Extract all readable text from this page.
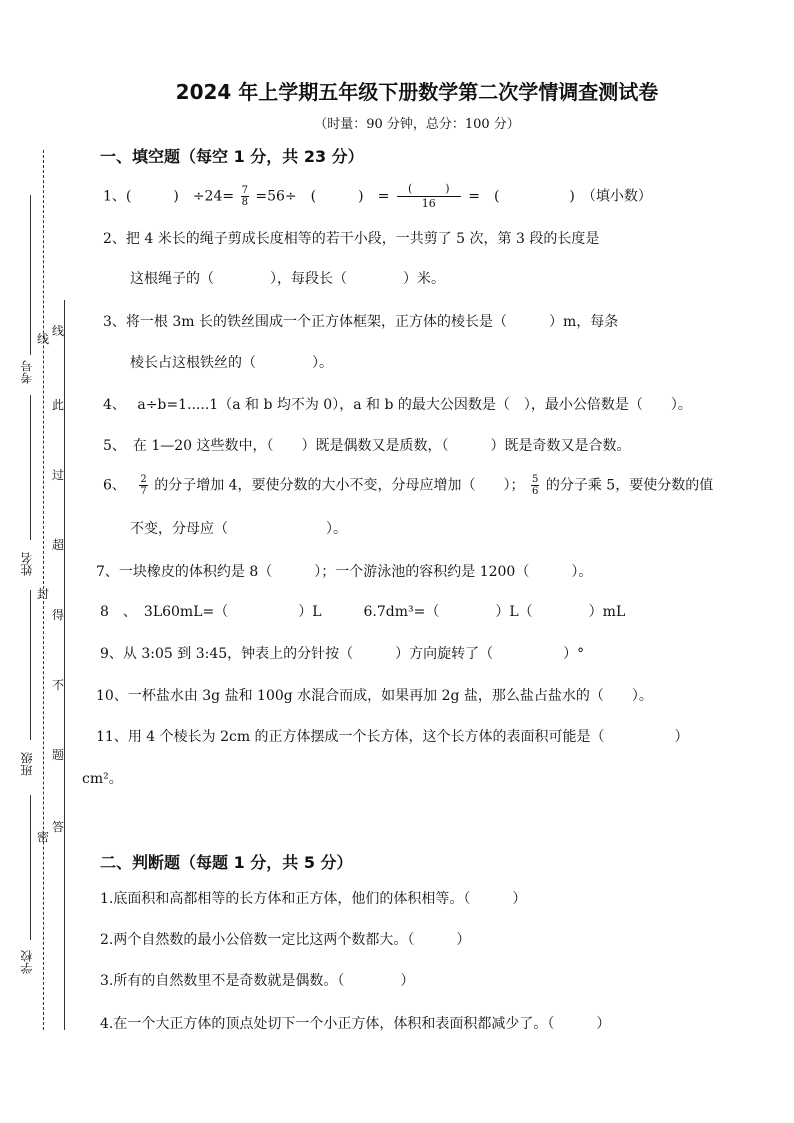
考号
姓名
班级
学校
线
线
此
过
超
得
封
不
题
答
密
2024 年上学期五年级下册数学第二次学情调查测试卷
（时量：90 分钟，总分：100 分）
一、填空题（每空 1 分，共 23 分）
1、(　　　)　$\div 24= \frac{7}{8} =56\div$　(　　　)　= $\frac{( )}{16}$ =　(　　　　　)　（填小数）
2、把 4 米长的绳子剪成长度相等的若干小段，一共剪了 5 次，第 3 段的长度是
这根绳子的（　　　　），每段长（　　　　）米。
3、将一根 3m 长的铁丝围成一个正方体框架，正方体的棱长是（　　　）m，每条
棱长占这根铁丝的（　　　　）。
4、　 a÷b=1.....1（a 和 b 均不为 0），a 和 b 的最大公因数是（　），最小公倍数是（　　）。
5、　在 1—20 这些数中，（　　）既是偶数又是质数，（　　　）既是奇数又是合数。
6、　 $\frac{2}{7}$ 的分子增加 4，要使分数的大小不变，分母应增加（　　）； $\frac{5}{6}$ 的分子乘 5，要使分数的值
不变，分母应（　　　　　　　）。
7、一块橡皮的体积约是 8（　　　）；一个游泳池的容积约是 1200（　　　）。
8　、　3L60mL=（　　　　　）L　　　6.7dm³=（　　　　）L（　　　　）mL
9、从 3:05 到 3:45，钟表上的分针按（　　　）方向旋转了（　　　　　）°
10、一杯盐水由 3g 盐和 100g 水混合而成，如果再加 2g 盐，那么盐占盐水的（　　）。
11、用 4 个棱长为 2cm 的正方体摆成一个长方体，这个长方体的表面积可能是（　　　　　）
cm²。
二、判断题（每题 1 分，共 5 分）
1.底面积和高都相等的长方体和正方体，他们的体积相等。（　　　）
2.两个自然数的最小公倍数一定比这两个数都大。（　　　）
3.所有的自然数里不是奇数就是偶数。（　　　　）
4.在一个大正方体的顶点处切下一个小正方体，体积和表面积都减少了。（　　　）
